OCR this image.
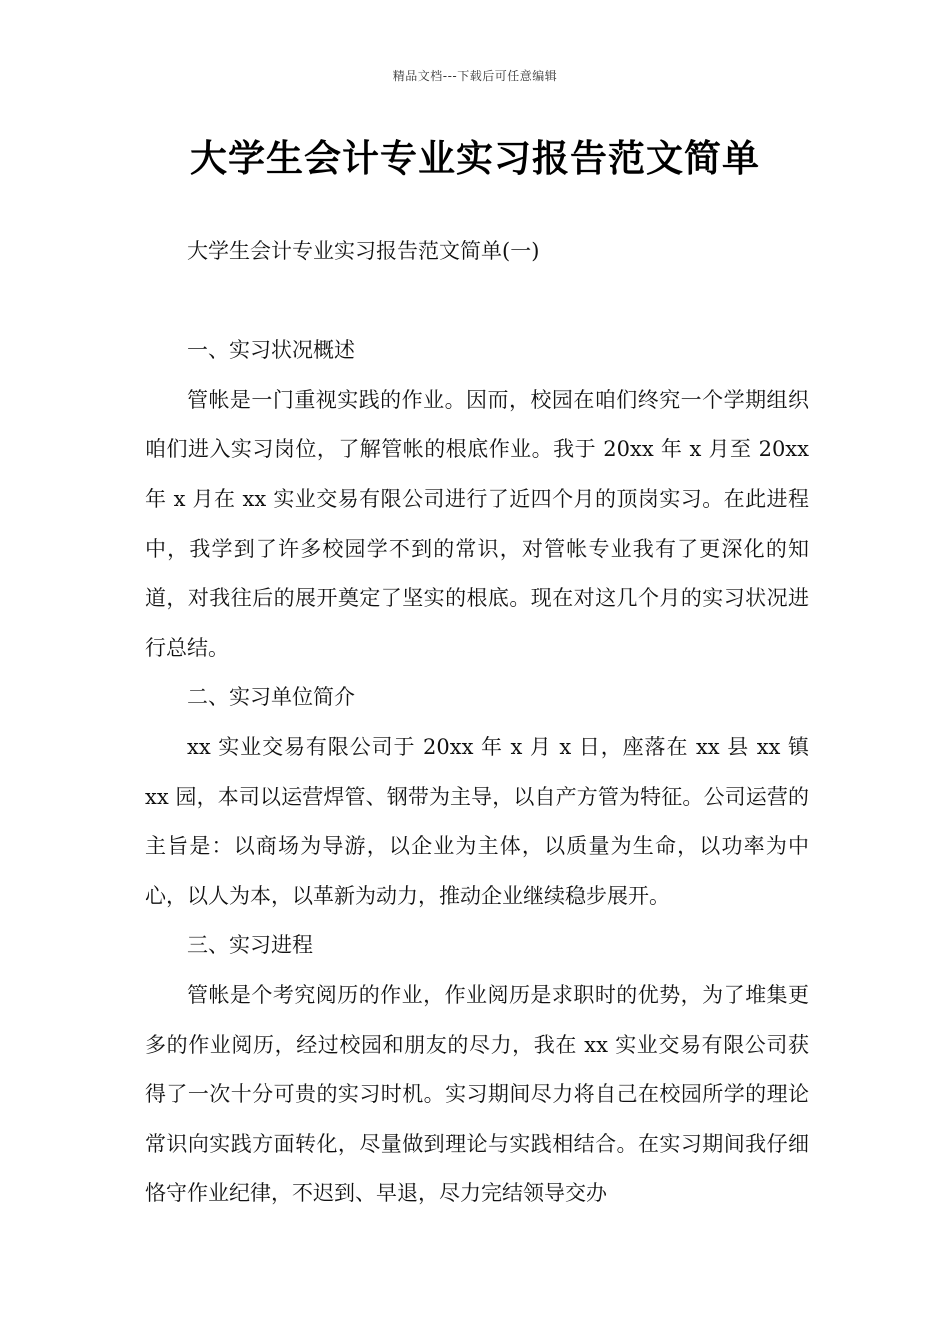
精品文档---下载后可任意编辑
大学生会计专业实习报告范文简单

大学生会计专业实习报告范文简单(一)

一、实习状况概述

管帐是一门重视实践的作业。因而，校园在咱们终究一个学期组织咱们进入实习岗位，了解管帐的根底作业。我于 20xx 年 x 月至 20xx 年 x 月在 xx 实业交易有限公司进行了近四个月的顶岗实习。在此进程中，我学到了许多校园学不到的常识，对管帐专业我有了更深化的知道，对我往后的展开奠定了坚实的根底。现在对这几个月的实习状况进行总结。

二、实习单位简介

xx 实业交易有限公司于 20xx 年 x 月 x 日，座落在 xx 县 xx 镇 xx 园，本司以运营焊管、钢带为主导，以自产方管为特征。公司运营的主旨是：以商场为导游，以企业为主体，以质量为生命，以功率为中心，以人为本，以革新为动力，推动企业继续稳步展开。

三、实习进程

管帐是个考究阅历的作业，作业阅历是求职时的优势，为了堆集更多的作业阅历，经过校园和朋友的尽力，我在 xx 实业交易有限公司获得了一次十分可贵的实习时机。实习期间尽力将自己在校园所学的理论常识向实践方面转化，尽量做到理论与实践相结合。在实习期间我仔细恪守作业纪律，不迟到、早退，尽力完结领导交办
